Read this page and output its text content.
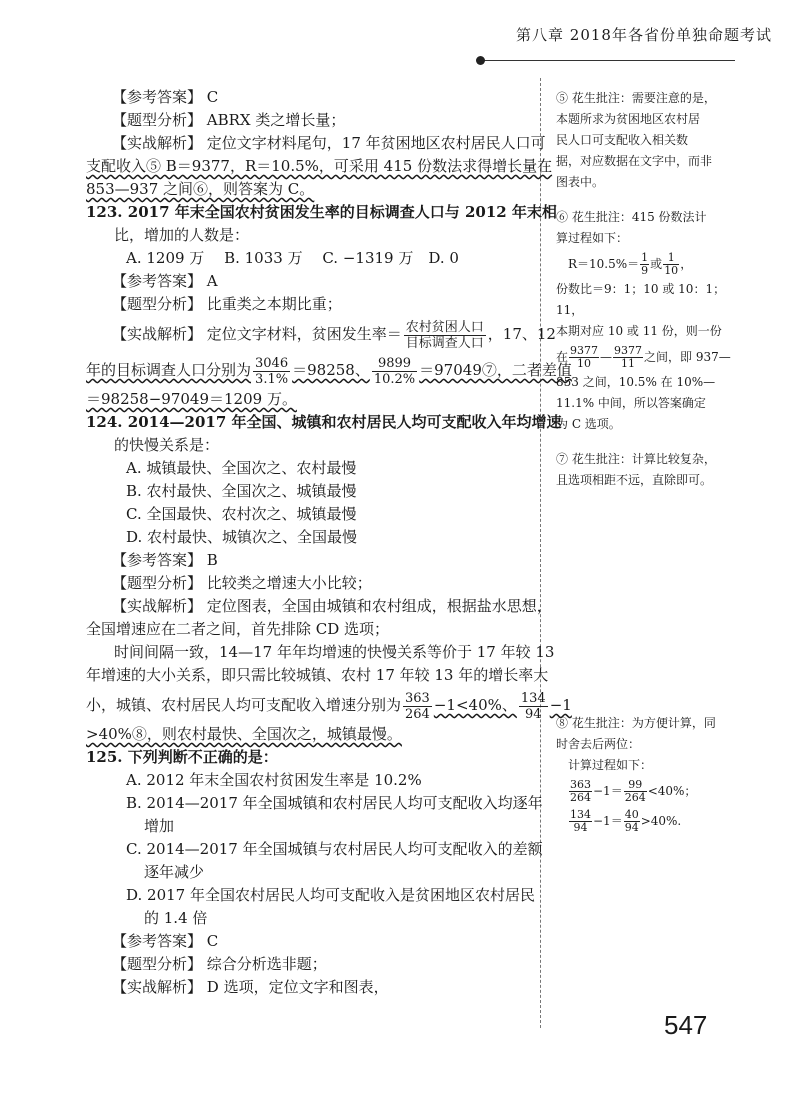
第八章 2018年各省份单独命题考试
【参考答案】 C
【题型分析】 ABRX 类之增长量；
【实战解析】 定位文字材料尾句，17 年贫困地区农村居民人口可
支配收入⑤ B＝9377，R＝10.5%，可采用 415 份数法求得增长量在
853—937 之间⑥，则答案为 C。
123. 2017 年末全国农村贫困发生率的目标调查人口与 2012 年末相
比，增加的人数是：
A. 1209 万　 B. 1033 万　 C. −1319 万　D. 0
【参考答案】 A
【题型分析】 比重类之本期比重；
【实战解析】 定位文字材料，贫困发生率＝ $\frac{\text{农村贫困人口}}{\text{目标调查人口}}$ ，17、12
年的目标调查人口分别为 $\frac{3046}{3.1\%} =98258$、 $\frac{9899}{10.2\%}$ ＝97049⑦，二者差值
＝98258−97049＝1209 万。
124. 2014—2017 年全国、城镇和农村居民人均可支配收入年均增速
的快慢关系是：
A. 城镇最快、全国次之、农村最慢
B. 农村最快、全国次之、城镇最慢
C. 全国最快、农村次之、城镇最慢
D. 农村最快、城镇次之、全国最慢
【参考答案】 B
【题型分析】 比较类之增速大小比较；
【实战解析】 定位图表，全国由城镇和农村组成，根据盐水思想，
全国增速应在二者之间，首先排除 CD 选项；
时间间隔一致，14—17 年年均增速的快慢关系等价于 17 年较 13
年增速的大小关系，即只需比较城镇、农村 17 年较 13 年的增长率大
小，城镇、农村居民人均可支配收入增速分别为 $\frac{363}{264} -1<40\%$、 $\frac{134}{94} -1$
>40%⑧，则农村最快、全国次之，城镇最慢。
125. 下列判断不正确的是：
A. 2012 年末全国农村贫困发生率是 10.2%
B. 2014—2017 年全国城镇和农村居民人均可支配收入均逐年
增加
C. 2014—2017 年全国城镇与农村居民人均可支配收入的差额
逐年减少
D. 2017 年全国农村居民人均可支配收入是贫困地区农村居民
的 1.4 倍
【参考答案】 C
【题型分析】 综合分析选非题；
【实战解析】 D 选项，定位文字和图表，
⑤ 花生批注：需要注意的是，
本题所求为贫困地区农村居
民人口可支配收入相关数
据，对应数据在文字中，而非
图表中。
⑥ 花生批注：415 份数法计
算过程如下：
$R=10.5\%= \frac{1}{9}$ 或 $\frac{1}{10}$ ，
份数比＝9：1；10 或 10：1；11，
本期对应 10 或 11 份，则一份
在 $\frac{9377}{10}$ — $\frac{9377}{11}$ 之间，即 937—
853 之间，10.5% 在 10%—
11.1% 中间，所以答案确定
为 C 选项。
⑦ 花生批注：计算比较复杂，
且选项相距不远，直除即可。
⑧ 花生批注：为方便计算，同
时舍去后两位：
计算过程如下：
$\frac{363}{264} -1= \frac{99}{264} <40\%$；
$\frac{134}{94} -1= \frac{40}{94} >40\%$.
547
